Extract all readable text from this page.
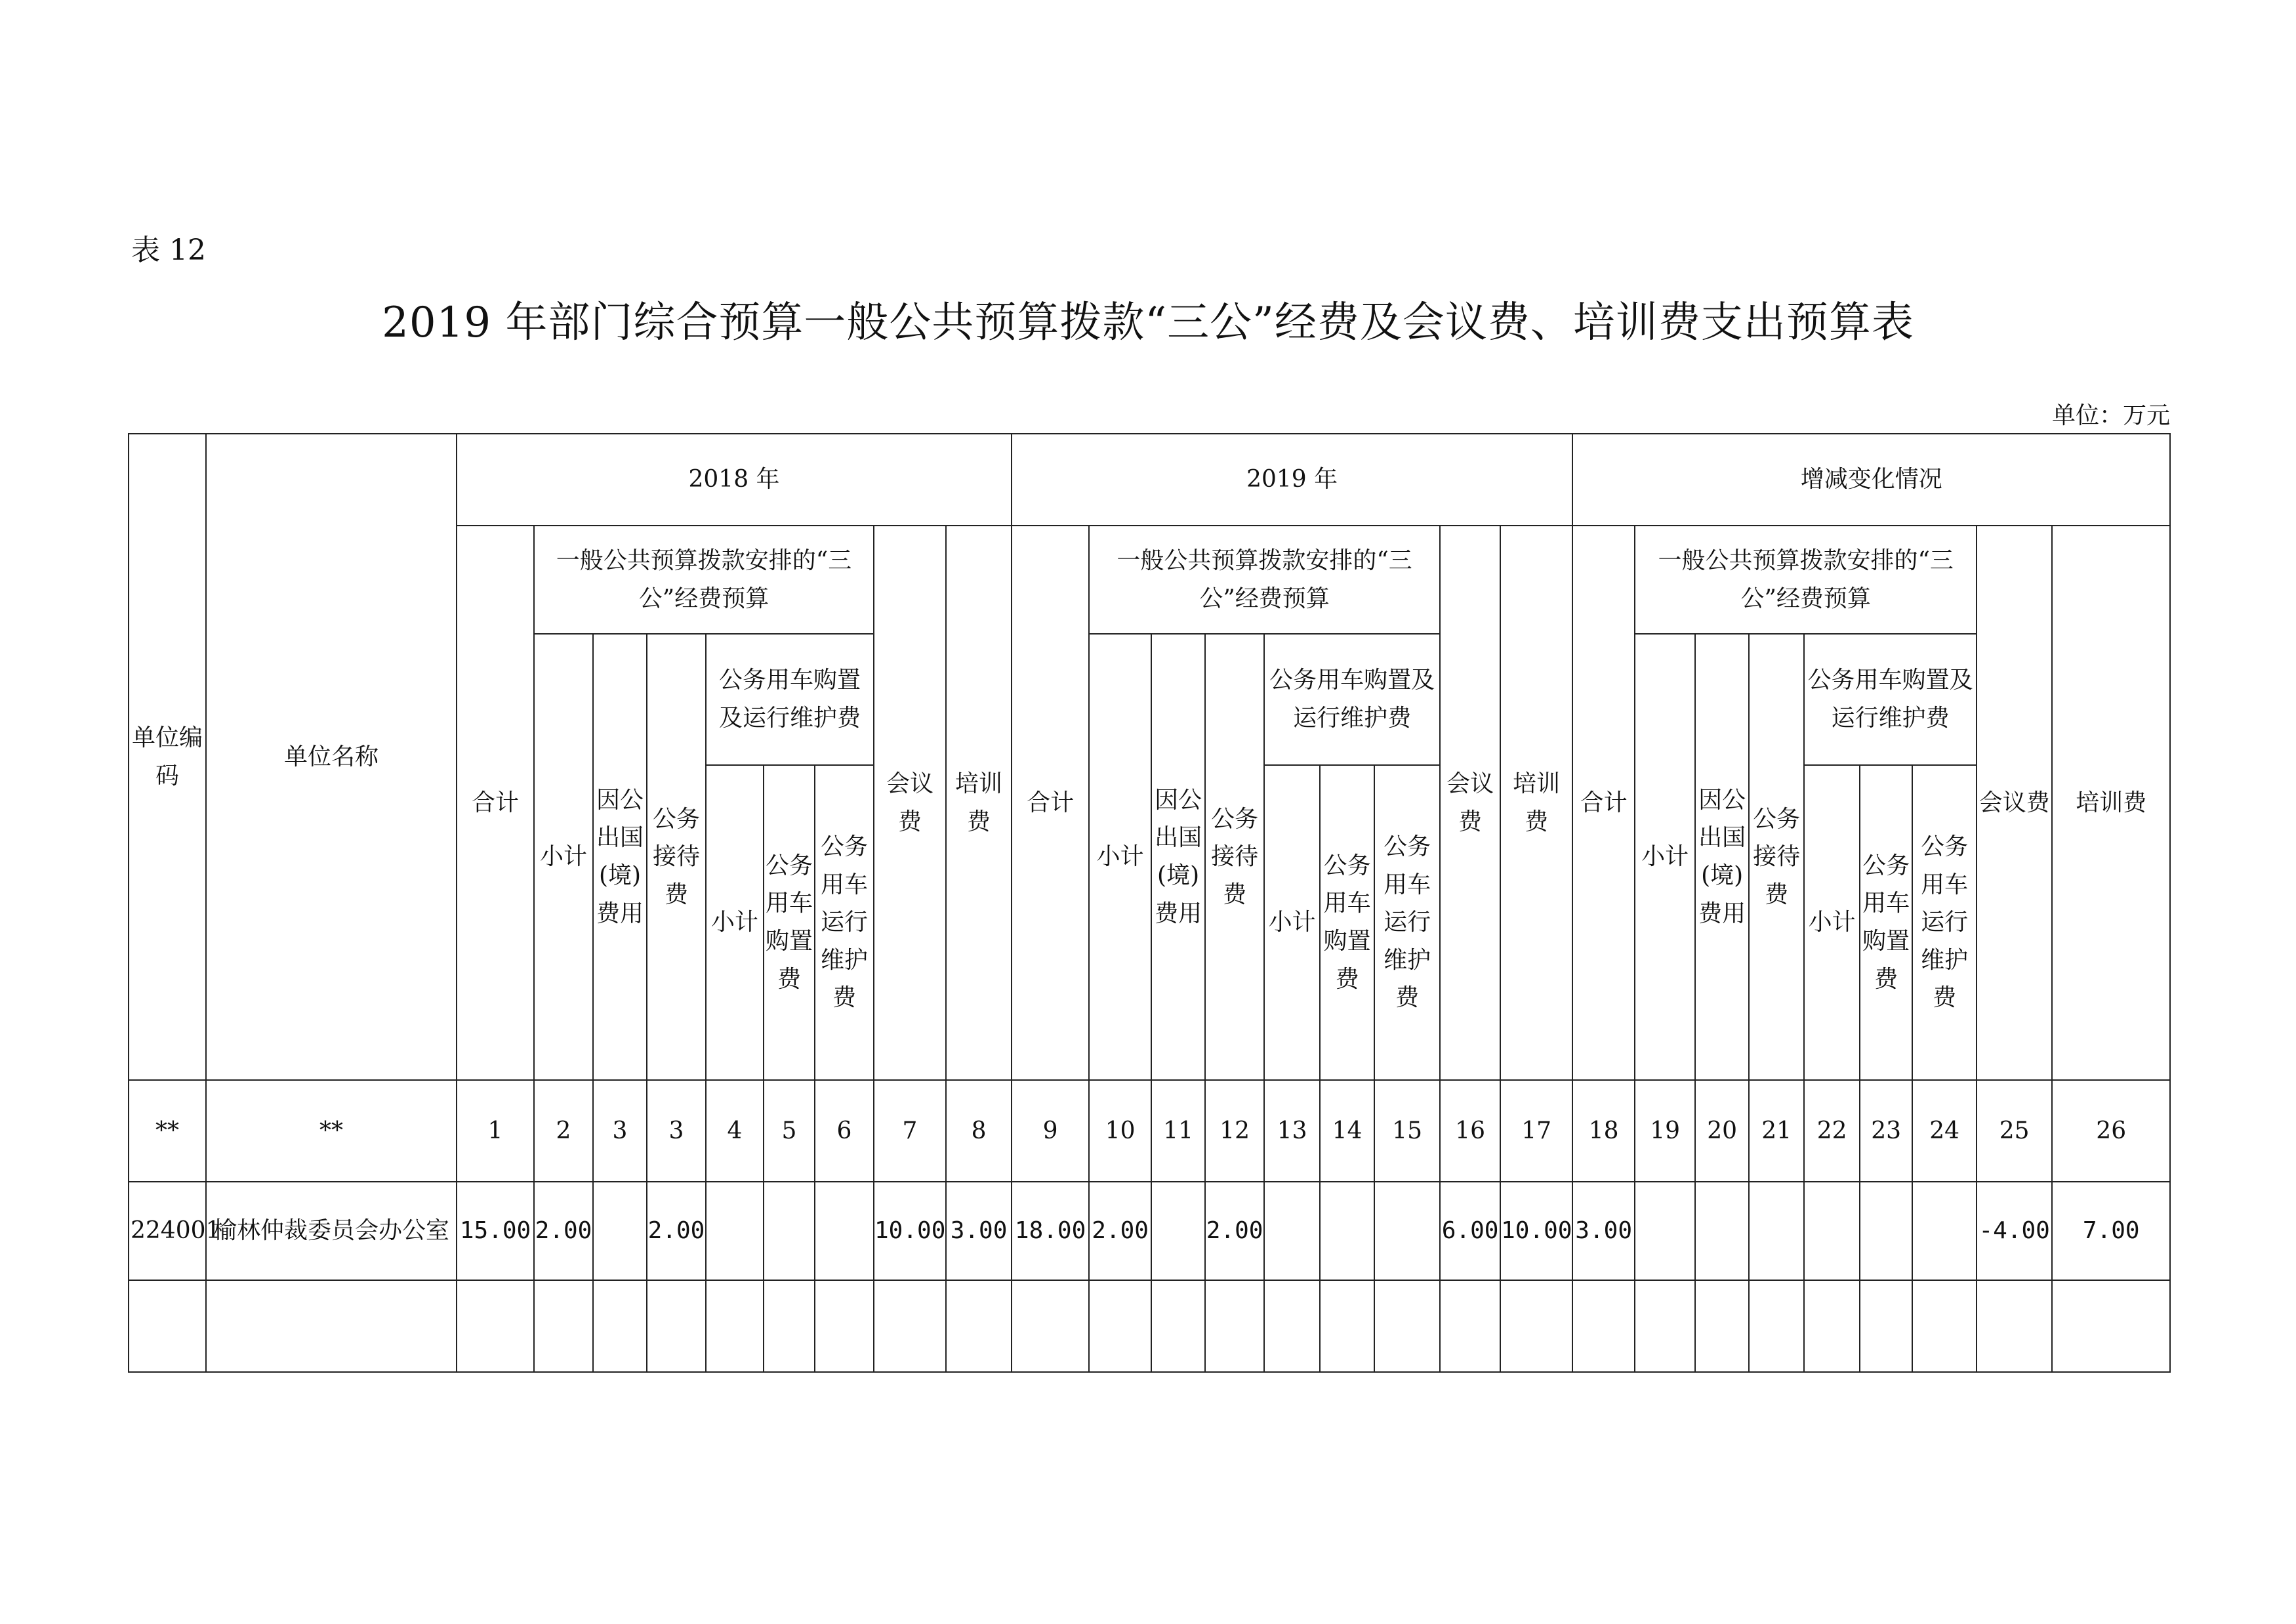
表 12
2019 年部门综合预算一般公共预算拨款“三公”经费及会议费、培训费支出预算表
单位：万元
单位编码	单位名称	2018 年									2019 年									增减变化情况								
		合计	一般公共预算拨款安排的“三公”经费预算						会议费	培训费	合计	一般公共预算拨款安排的“三公”经费预算						会议费	培训费	合计	一般公共预算拨款安排的“三公”经费预算						会议费	培训费
			小计	因公出国(境)费用	公务接待费	公务用车购置及运行维护费						小计	因公出国(境)费用	公务接待费	公务用车购置及运行维护费						小计	因公出国(境)费用	公务接待费	公务用车购置及运行维护费				
						小计	公务用车购置费	公务用车运行维护费							小计	公务用车购置费	公务用车运行维护费							小计	公务用车购置费	公务用车运行维护费		
**	**	1	2	3	3	4	5	6	7	8	9	10	11	12	13	14	15	16	17	18	19	20	21	22	23	24	25	26
224001	榆林仲裁委员会办公室	15.00	2.00		2.00				10.00	3.00	18.00	2.00		2.00				6.00	10.00	3.00							-4.00	7.00
